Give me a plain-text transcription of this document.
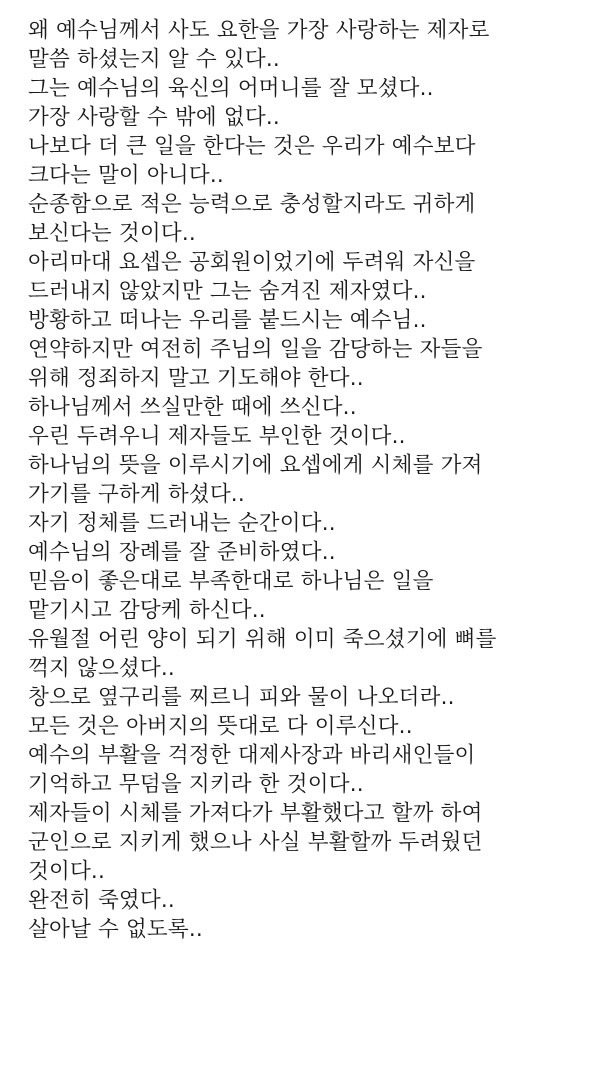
왜 예수님께서 사도 요한을 가장 사랑하는 제자로
말씀 하셨는지 알 수 있다..
그는 예수님의 육신의 어머니를 잘 모셨다..
가장 사랑할 수 밖에 없다..
나보다 더 큰 일을 한다는 것은 우리가 예수보다
크다는 말이 아니다..
순종함으로 적은 능력으로 충성할지라도 귀하게
보신다는 것이다..
아리마대 요셉은 공회원이었기에 두려워 자신을
드러내지 않았지만 그는 숨겨진 제자였다..
방황하고 떠나는 우리를 붙드시는 예수님..
연약하지만 여전히 주님의 일을 감당하는 자들을
위해 정죄하지 말고 기도해야 한다..
하나님께서 쓰실만한 때에 쓰신다..
우린 두려우니 제자들도 부인한 것이다..
하나님의 뜻을 이루시기에 요셉에게 시체를 가져
가기를 구하게 하셨다..
자기 정체를 드러내는 순간이다..
예수님의 장례를 잘 준비하였다..
믿음이 좋은대로 부족한대로 하나님은 일을
맡기시고 감당케 하신다..
유월절 어린 양이 되기 위해 이미 죽으셨기에 뼈를
꺽지 않으셨다..
창으로 옆구리를 찌르니 피와 물이 나오더라..
모든 것은 아버지의 뜻대로 다 이루신다..
예수의 부활을 걱정한 대제사장과 바리새인들이
기억하고 무덤을 지키라 한 것이다..
제자들이 시체를 가져다가 부활했다고 할까 하여
군인으로 지키게 했으나 사실 부활할까 두려웠던
것이다..
완전히 죽였다..
살아날 수 없도록..
